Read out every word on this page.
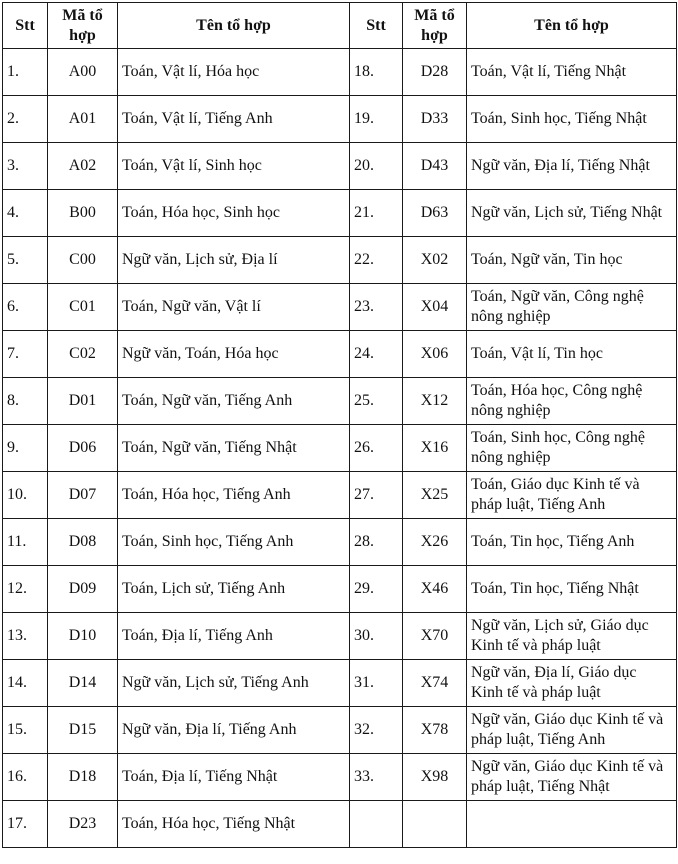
Stt	Mã tổ hợp	Tên tổ hợp	Stt	Mã tổ hợp	Tên tổ hợp
1.	A00	Toán, Vật lí, Hóa học	18.	D28	Toán, Vật lí, Tiếng Nhật
2.	A01	Toán, Vật lí, Tiếng Anh	19.	D33	Toán, Sinh học, Tiếng Nhật
3.	A02	Toán, Vật lí, Sinh học	20.	D43	Ngữ văn, Địa lí, Tiếng Nhật
4.	B00	Toán, Hóa học, Sinh học	21.	D63	Ngữ văn, Lịch sử, Tiếng Nhật
5.	C00	Ngữ văn, Lịch sử, Địa lí	22.	X02	Toán, Ngữ văn, Tin học
6.	C01	Toán, Ngữ văn, Vật lí	23.	X04	Toán, Ngữ văn, Công nghệ nông nghiệp
7.	C02	Ngữ văn, Toán, Hóa học	24.	X06	Toán, Vật lí, Tin học
8.	D01	Toán, Ngữ văn, Tiếng Anh	25.	X12	Toán, Hóa học, Công nghệ nông nghiệp
9.	D06	Toán, Ngữ văn, Tiếng Nhật	26.	X16	Toán, Sinh học, Công nghệ nông nghiệp
10.	D07	Toán, Hóa học, Tiếng Anh	27.	X25	Toán, Giáo dục Kinh tế và pháp luật, Tiếng Anh
11.	D08	Toán, Sinh học, Tiếng Anh	28.	X26	Toán, Tin học, Tiếng Anh
12.	D09	Toán, Lịch sử, Tiếng Anh	29.	X46	Toán, Tin học, Tiếng Nhật
13.	D10	Toán, Địa lí, Tiếng Anh	30.	X70	Ngữ văn, Lịch sử, Giáo dục Kinh tế và pháp luật
14.	D14	Ngữ văn, Lịch sử, Tiếng Anh	31.	X74	Ngữ văn, Địa lí, Giáo dục Kinh tế và pháp luật
15.	D15	Ngữ văn, Địa lí, Tiếng Anh	32.	X78	Ngữ văn, Giáo dục Kinh tế và pháp luật, Tiếng Anh
16.	D18	Toán, Địa lí, Tiếng Nhật	33.	X98	Ngữ văn, Giáo dục Kinh tế và pháp luật, Tiếng Nhật
17.	D23	Toán, Hóa học, Tiếng Nhật			
